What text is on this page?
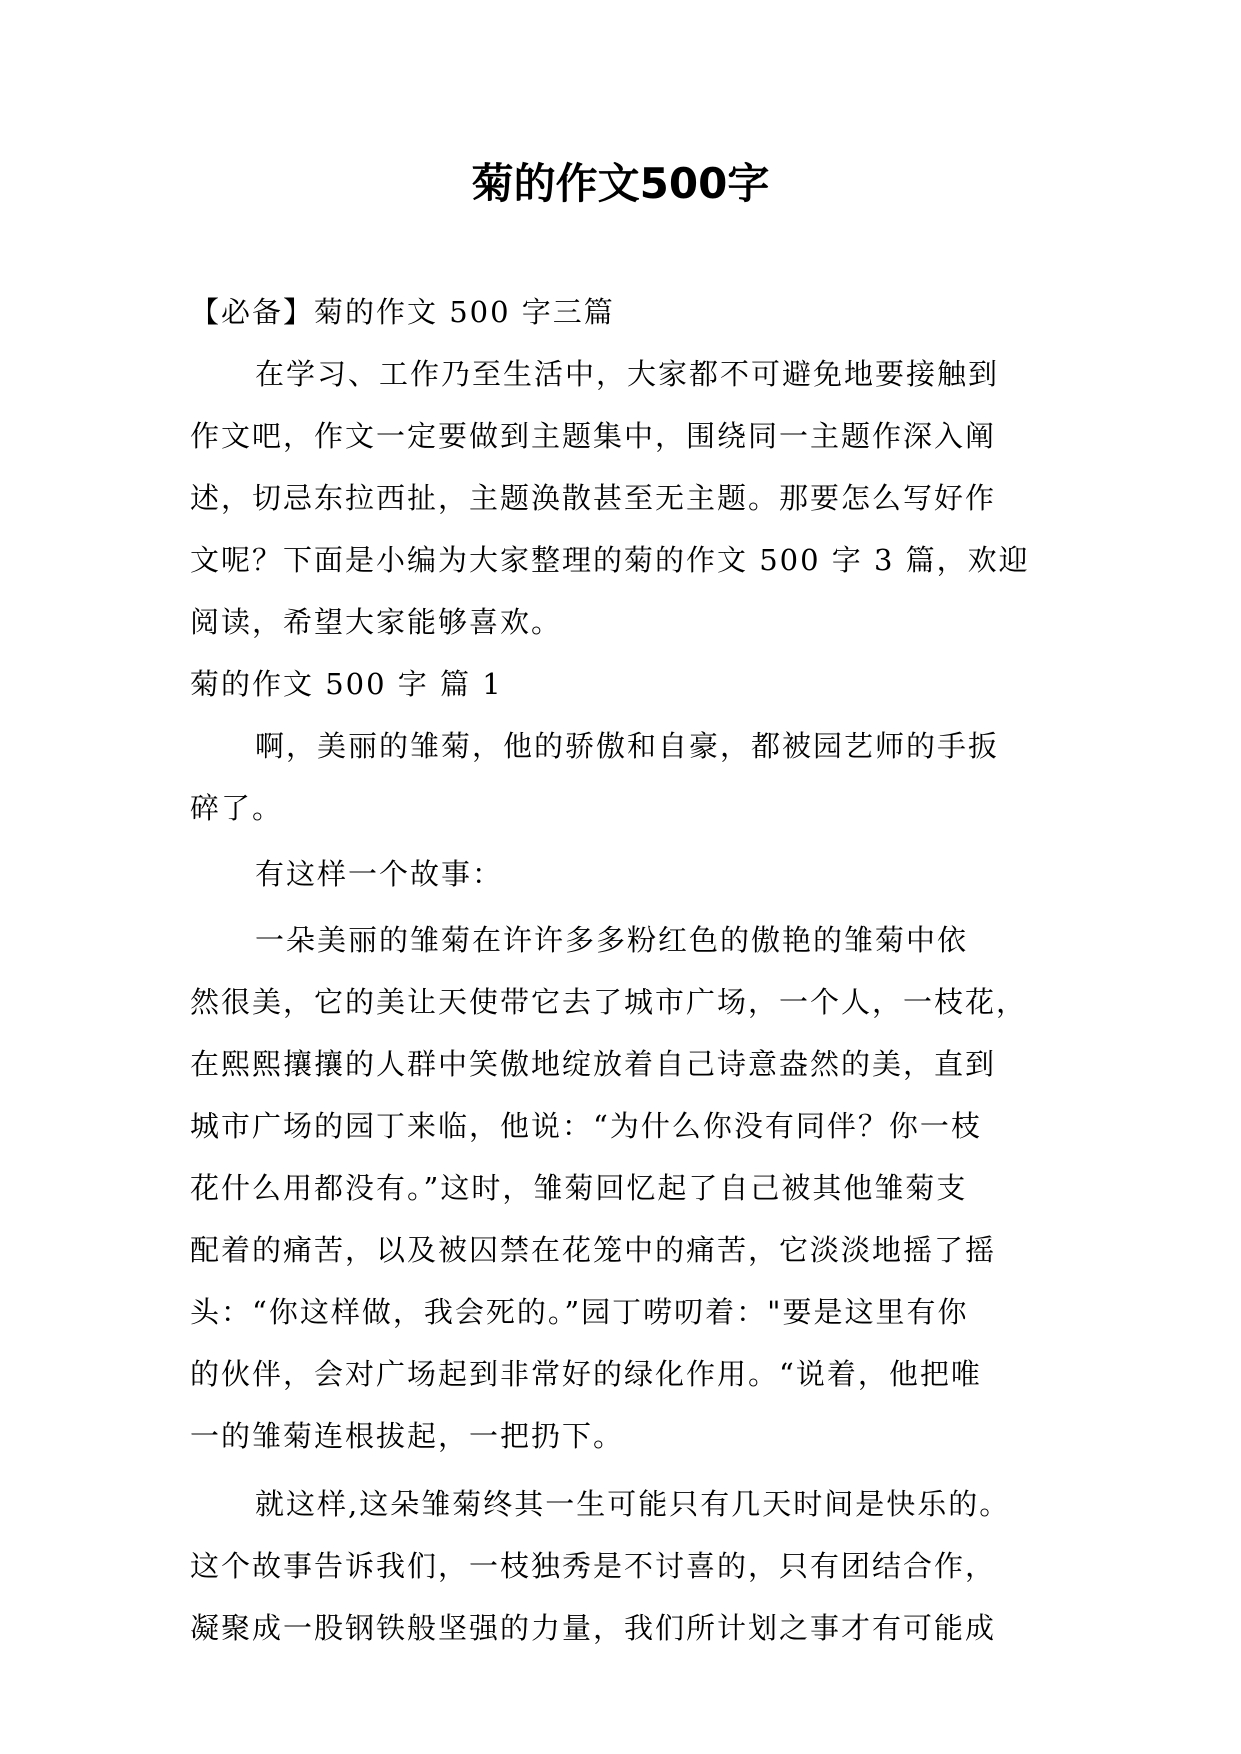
菊的作文500字
【必备】菊的作文 500 字三篇
在学习、工作乃至生活中，大家都不可避免地要接触到
作文吧，作文一定要做到主题集中，围绕同一主题作深入阐
述，切忌东拉西扯，主题涣散甚至无主题。那要怎么写好作
文呢？下面是小编为大家整理的菊的作文 500 字 3 篇，欢迎
阅读，希望大家能够喜欢。
菊的作文 500 字 篇 1
啊，美丽的雏菊，他的骄傲和自豪，都被园艺师的手扳
碎了。
有这样一个故事：
一朵美丽的雏菊在许许多多粉红色的傲艳的雏菊中依
然很美，它的美让天使带它去了城市广场，一个人，一枝花，
在熙熙攘攘的人群中笑傲地绽放着自己诗意盎然的美，直到
城市广场的园丁来临，他说：“为什么你没有同伴？你一枝
花什么用都没有。”这时，雏菊回忆起了自己被其他雏菊支
配着的痛苦，以及被囚禁在花笼中的痛苦，它淡淡地摇了摇
头：“你这样做，我会死的。”园丁唠叨着："要是这里有你
的伙伴，会对广场起到非常好的绿化作用。“说着，他把唯
一的雏菊连根拔起，一把扔下。
就这样,这朵雏菊终其一生可能只有几天时间是快乐的。
这个故事告诉我们，一枝独秀是不讨喜的，只有团结合作，
凝聚成一股钢铁般坚强的力量，我们所计划之事才有可能成
